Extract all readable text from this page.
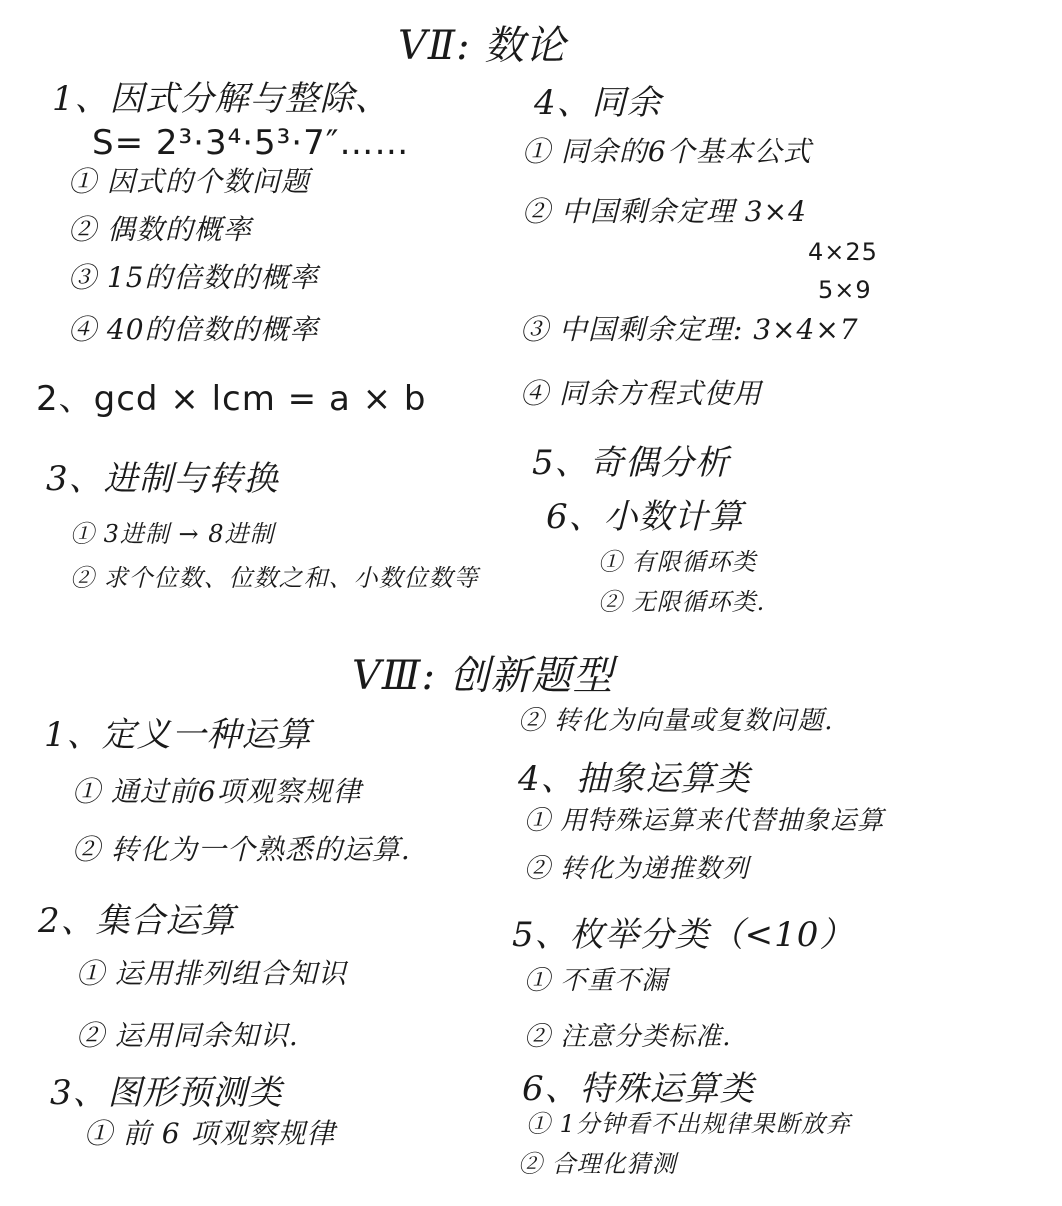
VⅡ: 数论
1、因式分解与整除、
S= 2³·3⁴·5³·7″……
① 因式的个数问题
② 偶数的概率
③ 15的倍数的概率
④ 40的倍数的概率
2、gcd × lcm = a × b
3、进制与转换
① 3进制 → 8进制
② 求个位数、位数之和、小数位数等
4、同余
① 同余的6个基本公式
② 中国剩余定理 3×4
4×25
5×9
③ 中国剩余定理: 3×4×7
④ 同余方程式使用
5、奇偶分析
6、小数计算
① 有限循环类
② 无限循环类.
VⅢ: 创新题型
1、定义一种运算
① 通过前6项观察规律
② 转化为一个熟悉的运算.
2、集合运算
① 运用排列组合知识
② 运用同余知识.
3、图形预测类
① 前 6 项观察规律
② 转化为向量或复数问题.
4、抽象运算类
① 用特殊运算来代替抽象运算
② 转化为递推数列
5、枚举分类（<10）
① 不重不漏
② 注意分类标准.
6、特殊运算类
① 1分钟看不出规律果断放弃
② 合理化猜测
